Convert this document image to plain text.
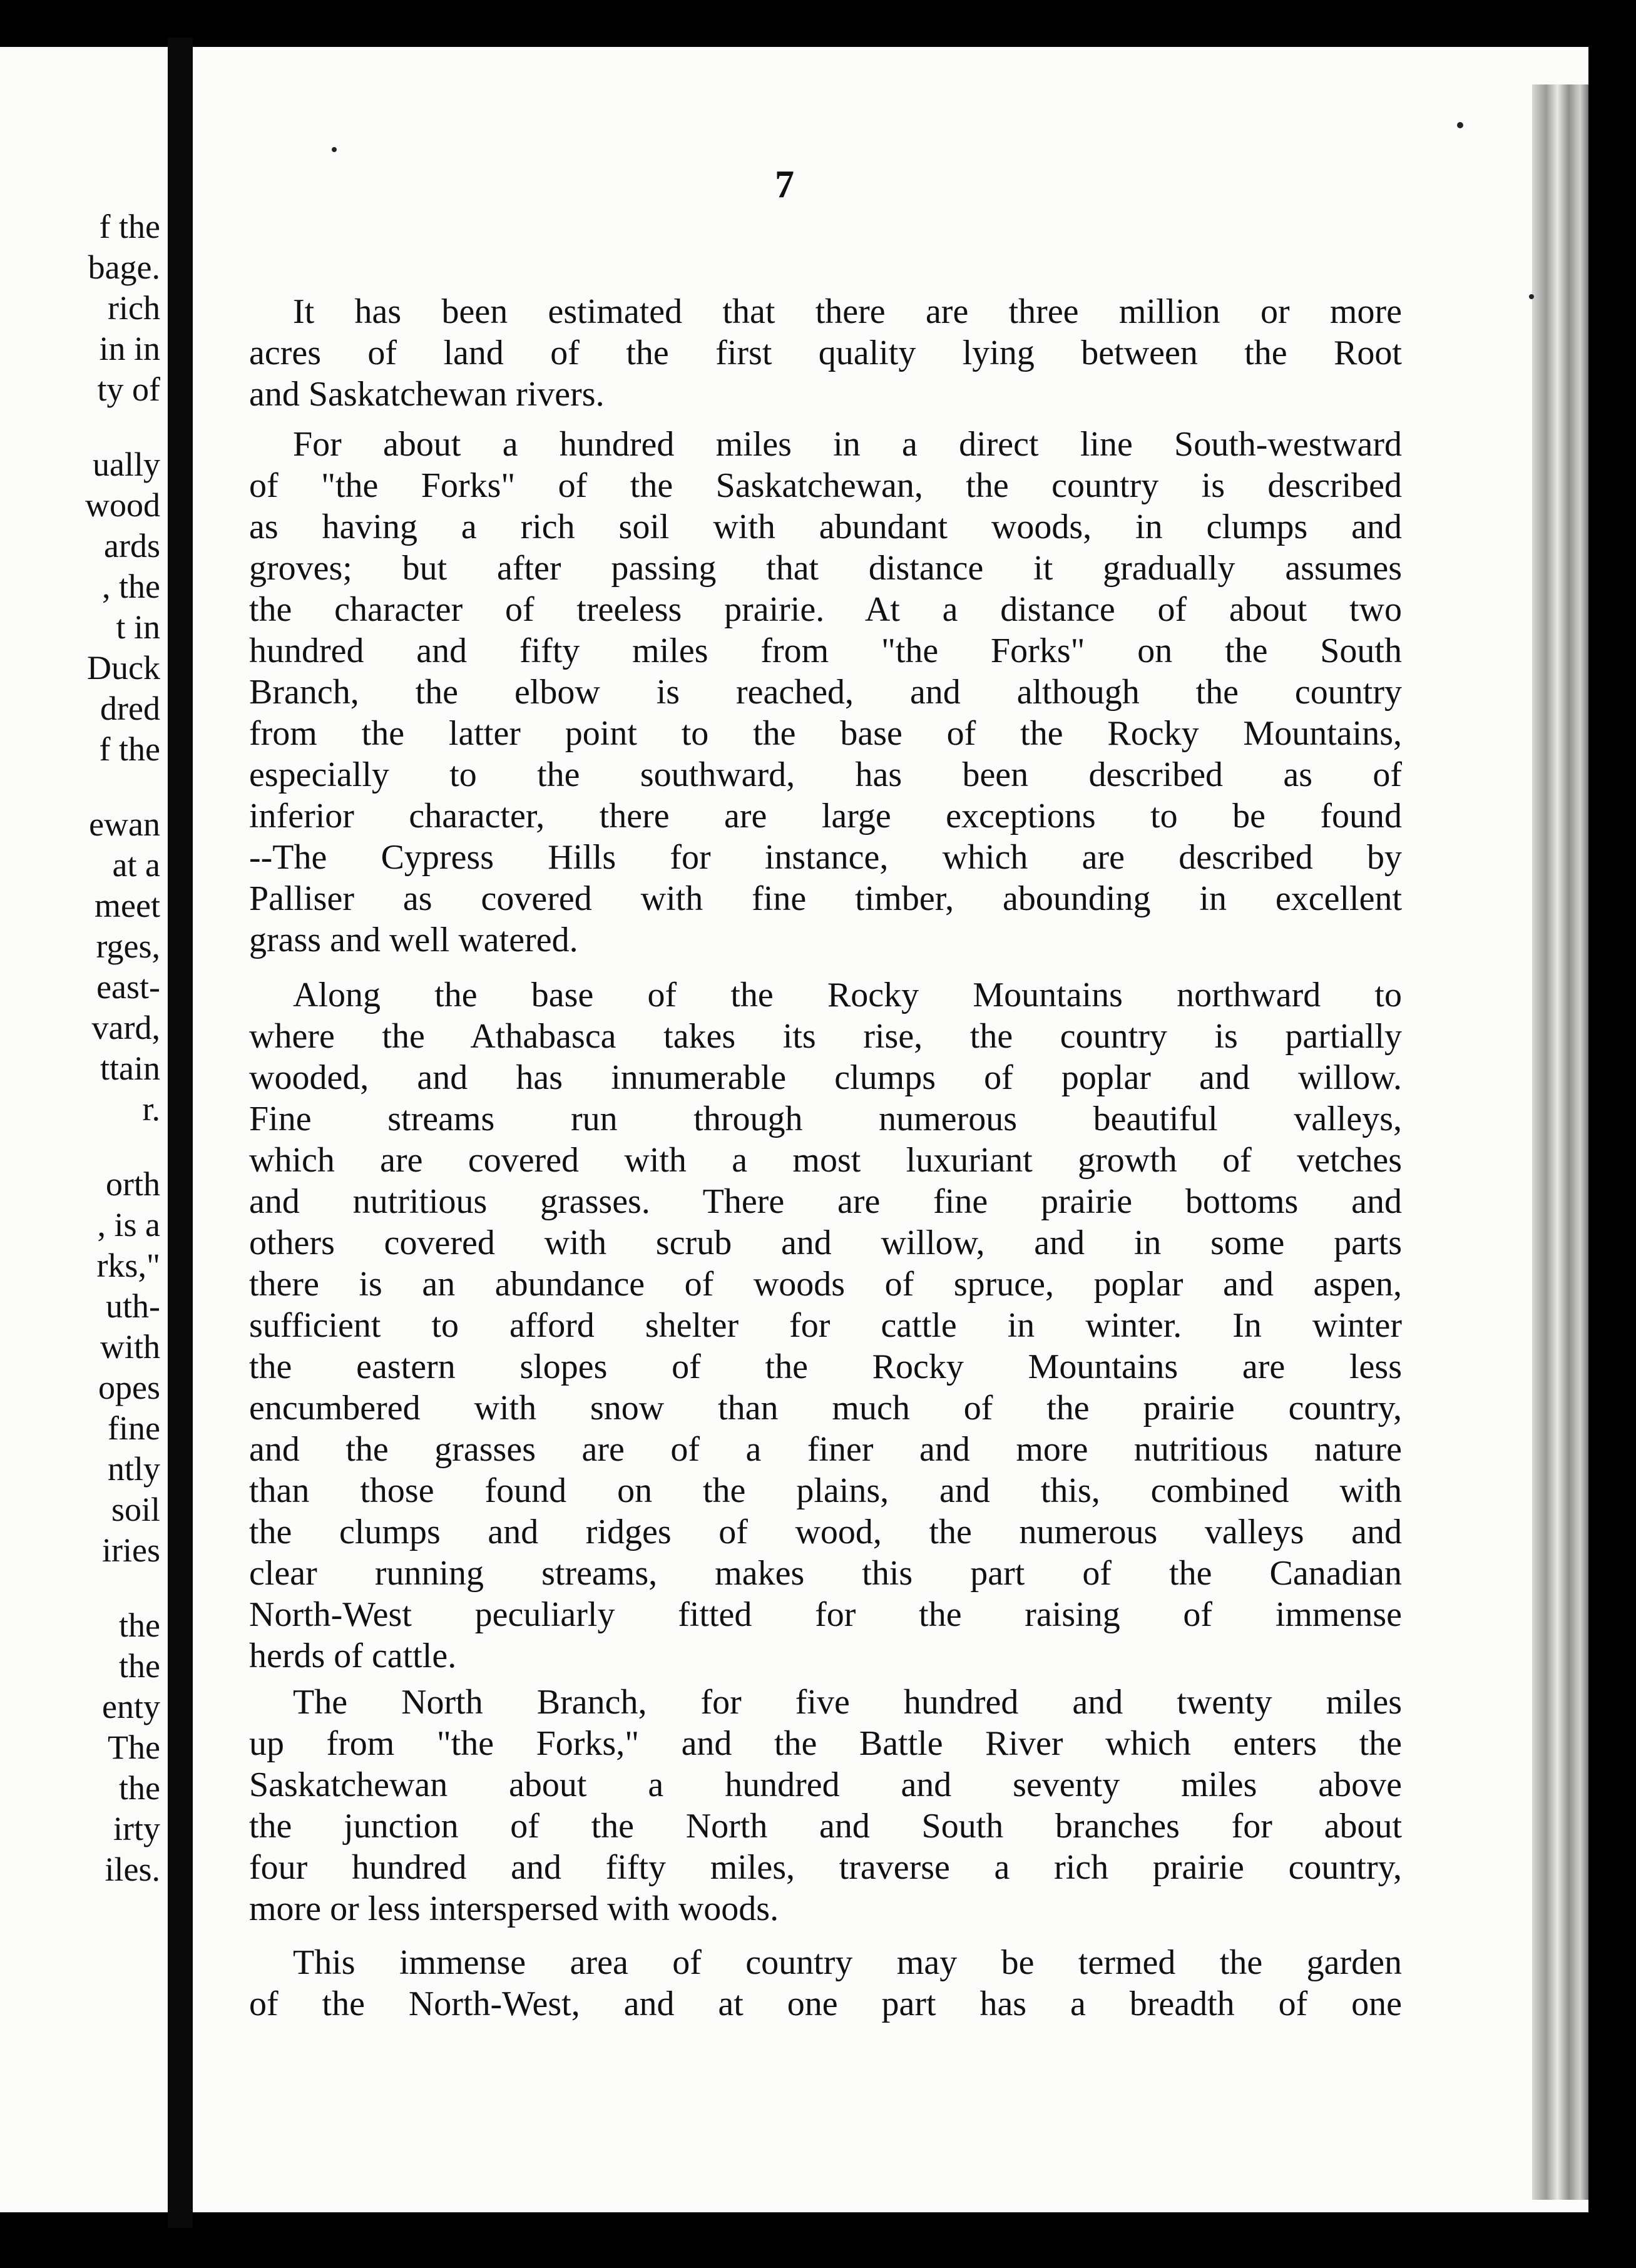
f the
bage.
rich
in in
ty of
ually
wood
ards
, the
t in
Duck
dred
f the
ewan
at a
meet
rges,
east-
vard,
ttain
r.
orth
, is a
rks,"
uth-
with
opes
fine
ntly
soil
iries
the
the
enty
The
the
irty
iles.
7
It has been estimated that there are three million or more
acres of land of the first quality lying between the Root
and Saskatchewan rivers.
For about a hundred miles in a direct line South-westward
of "the Forks" of the Saskatchewan, the country is described
as having a rich soil with abundant woods, in clumps and
groves; but after passing that distance it gradually assumes
the character of treeless prairie. At a distance of about two
hundred and fifty miles from "the Forks" on the South
Branch, the elbow is reached, and although the country
from the latter point to the base of the Rocky Mountains,
especially to the southward, has been described as of
inferior character, there are large exceptions to be found
--The Cypress Hills for instance, which are described by
Palliser as covered with fine timber, abounding in excellent
grass and well watered.
Along the base of the Rocky Mountains northward to
where the Athabasca takes its rise, the country is partially
wooded, and has innumerable clumps of poplar and willow.
Fine streams run through numerous beautiful valleys,
which are covered with a most luxuriant growth of vetches
and nutritious grasses. There are fine prairie bottoms and
others covered with scrub and willow, and in some parts
there is an abundance of woods of spruce, poplar and aspen,
sufficient to afford shelter for cattle in winter. In winter
the eastern slopes of the Rocky Mountains are less
encumbered with snow than much of the prairie country,
and the grasses are of a finer and more nutritious nature
than those found on the plains, and this, combined with
the clumps and ridges of wood, the numerous valleys and
clear running streams, makes this part of the Canadian
North-West peculiarly fitted for the raising of immense
herds of cattle.
The North Branch, for five hundred and twenty miles
up from "the Forks," and the Battle River which enters the
Saskatchewan about a hundred and seventy miles above
the junction of the North and South branches for about
four hundred and fifty miles, traverse a rich prairie country,
more or less interspersed with woods.
This immense area of country may be termed the garden
of the North-West, and at one part has a breadth of one
